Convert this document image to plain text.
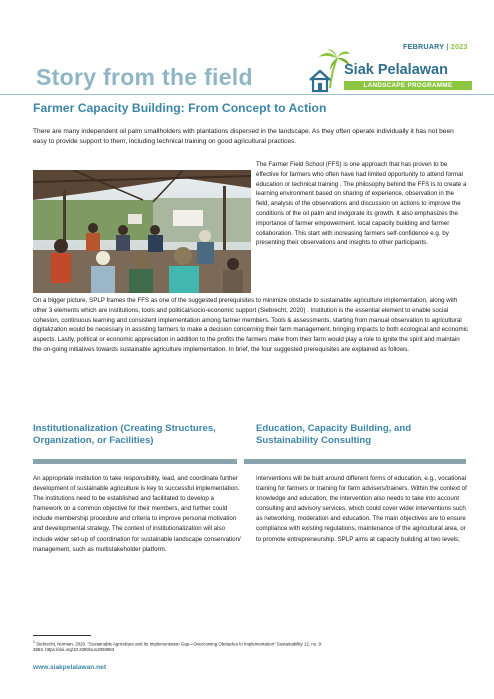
FEBRUARY | 2023
Siak Pelalawan
LANDSCAPE PROGRAMME
Story from the field
Farmer Capacity Building: From Concept to Action

There are many independent oil palm smallholders with plantations dispersed in the landscape. As they often operate individually it has not been easy to provide support to them, including technical training on good agricultural practices.

The Farmer Field School (FFS) is one approach that has proven to be effective for farmers who often have had limited opportunity to attend formal education or technical training . The philosophy behind the FFS is to create a learning environment based on sharing of experience, observation in the field, analysis of the observations and discussion on actions to improve the conditions of the oil palm and invigorate its growth. It also emphasizes the importance of farmer empowerment, local capacity building and farmer collaboration. This start with increasing farmers self-confidence e.g. by presenting their observations and insights to other participants.

On a bigger picture, SPLP frames the FFS as one of the suggested prerequisites to minimize obstacle to sustainable agriculture implementation, along with other 3 elements which are institutions, tools and political/socio-economic support (Siebrecht, 2020) . Institution is the essential element to enable social cohesion, continuous learning and consistent implementation among farmer members. Tools & assessments, starting from manual observation to agricultural digitalization would be necessary in assisting farmers to make a decision concerning their farm management, bringing impacts to both ecological and economic aspects. Lastly, political or economic appreciation in addition to the profits the farmers make from their farm would play a role to ignite the spirit and maintain the on-going initiatives towards sustainable agriculture implementation. In brief, the four suggested prerequisites are explained as follows.

Institutionalization (Creating Structures, Organization, or Facilities)
Education, Capacity Building, and Sustainability Consulting

An appropriate institution to take responsibility, lead, and coordinate further development of sustainable agriculture is key to successful implementation. The institutions need to be established and facilitated to develop a framework on a common objective for their members, and further could include membership procedure and criteria to improve personal motivation and developmental strategy. The context of institutionalization will also include wider set-up of coordination for sustainable landscape conservation/ management, such as multistakeholder platform.

Interventions will be built around different forms of education, e.g., vocational training for farmers or training for farm advisers/trainers. Within the context of knowledge and education, the intervention also needs to take into account consulting and advisory services, which could cover wider interventions such as networking, moderation and education. The main objectives are to ensure compliance with existing regulations, maintenance of the agricultural area, or to promote entrepreneurship. SPLP aims at capacity building at two levels;

$^1$ Siebrecht, Norman. 2020. "Sustainable Agriculture and Its Implementation Gap—Overcoming Obstacles to Implementation" Sustainability 12, no. 9: 3853. https://doi.org/10.3390/su12093853

www.siakpelalawan.net
